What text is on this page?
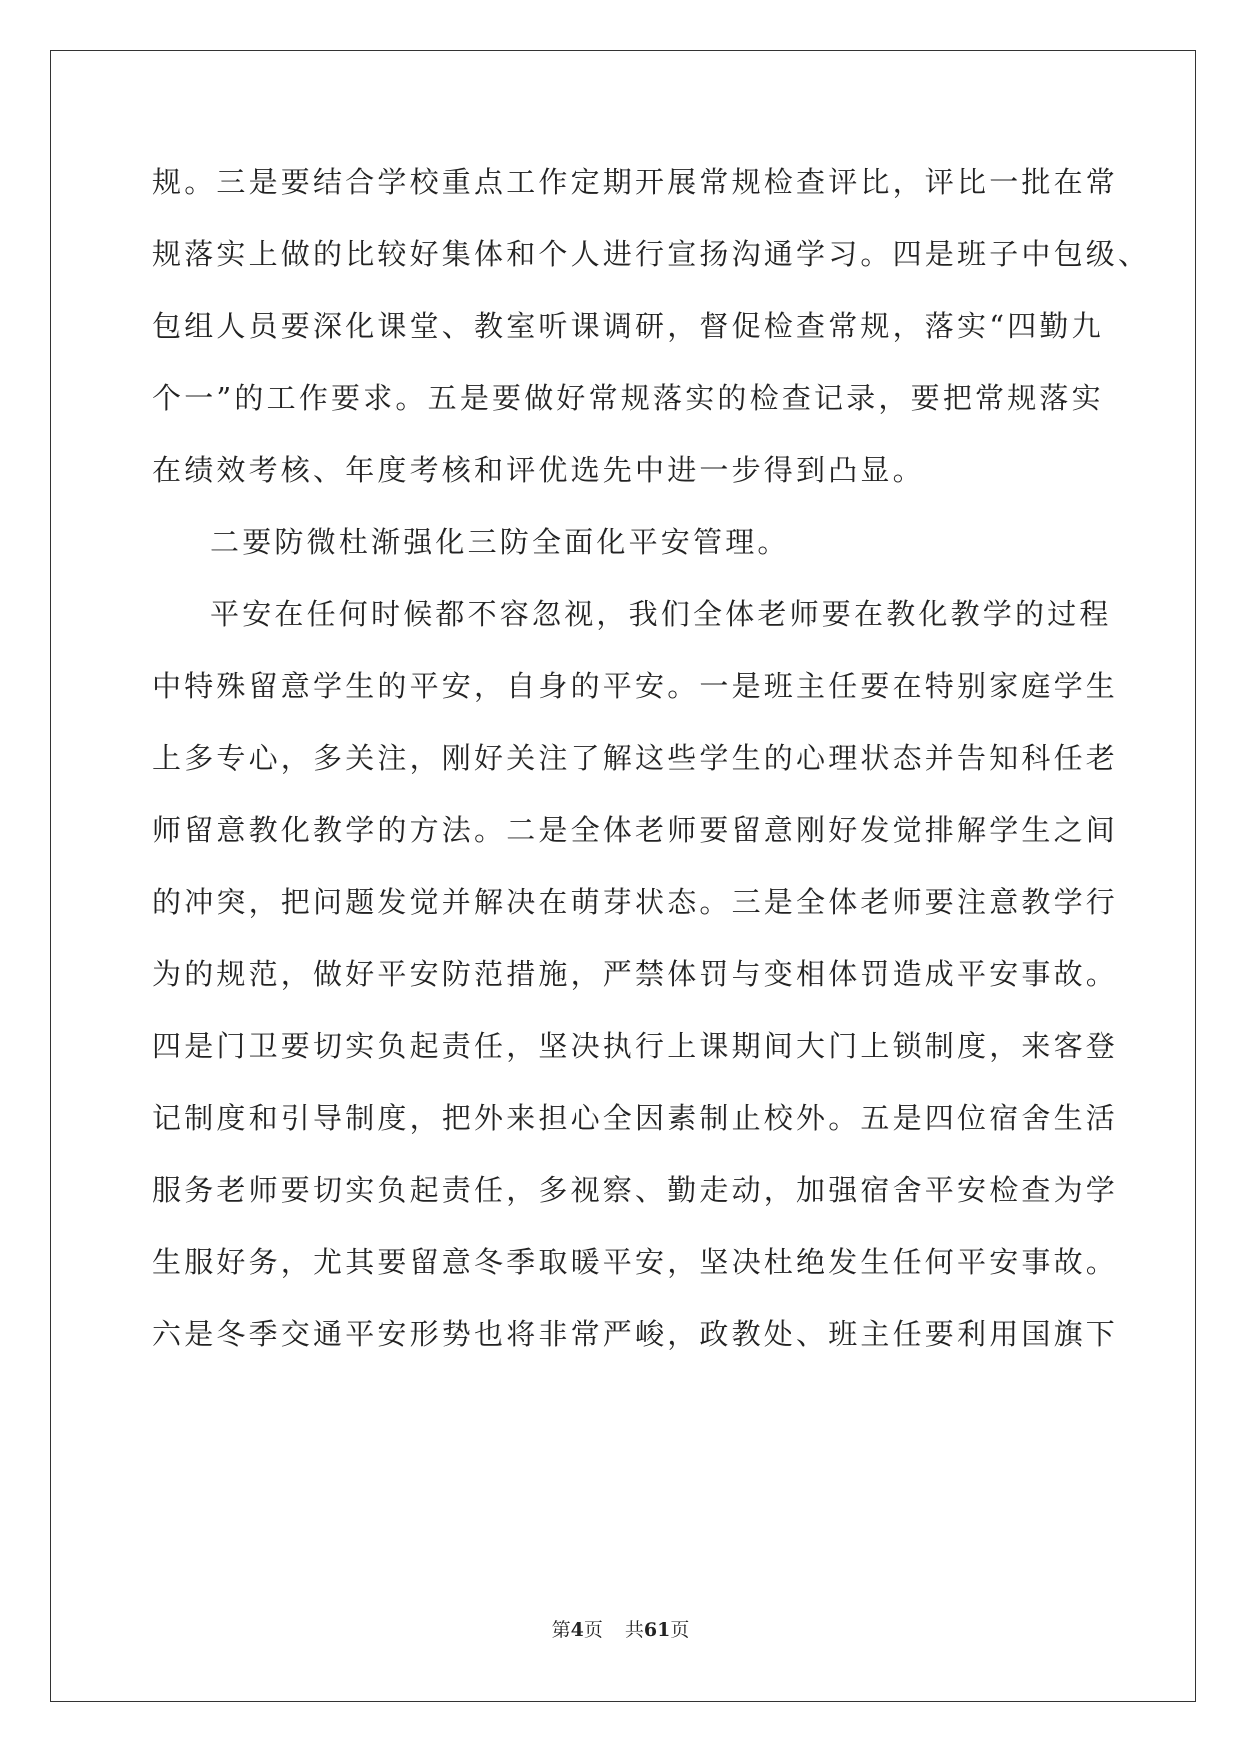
规。三是要结合学校重点工作定期开展常规检查评比，评比一批在常
规落实上做的比较好集体和个人进行宣扬沟通学习。四是班子中包级、
包组人员要深化课堂、教室听课调研，督促检查常规，落实“四勤九
个一”的工作要求。五是要做好常规落实的检查记录，要把常规落实
在绩效考核、年度考核和评优选先中进一步得到凸显。
二要防微杜渐强化三防全面化平安管理。
平安在任何时候都不容忽视，我们全体老师要在教化教学的过程
中特殊留意学生的平安，自身的平安。一是班主任要在特别家庭学生
上多专心，多关注，刚好关注了解这些学生的心理状态并告知科任老
师留意教化教学的方法。二是全体老师要留意刚好发觉排解学生之间
的冲突，把问题发觉并解决在萌芽状态。三是全体老师要注意教学行
为的规范，做好平安防范措施，严禁体罚与变相体罚造成平安事故。
四是门卫要切实负起责任，坚决执行上课期间大门上锁制度，来客登
记制度和引导制度，把外来担心全因素制止校外。五是四位宿舍生活
服务老师要切实负起责任，多视察、勤走动，加强宿舍平安检查为学
生服好务，尤其要留意冬季取暖平安，坚决杜绝发生任何平安事故。
六是冬季交通平安形势也将非常严峻，政教处、班主任要利用国旗下
第4页 共61页
